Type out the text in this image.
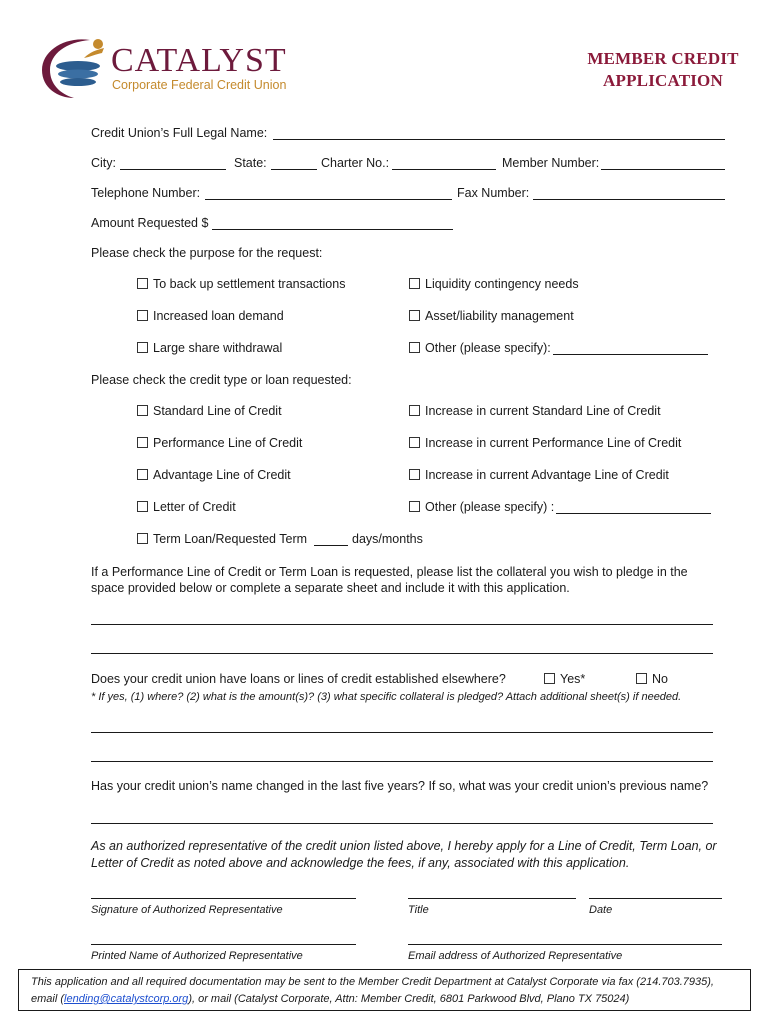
CATALYST
Corporate Federal Credit Union
MEMBER CREDIT
APPLICATION
Credit Union’s Full Legal Name:
City:	State:	Charter No.:	Member Number:
Telephone Number:	Fax Number:
Amount Requested $
Please check the purpose for the request:
To back up settlement transactions	Liquidity contingency needs
Increased loan demand	Asset/liability management
Large share withdrawal	Other (please specify):
Please check the credit type or loan requested:
Standard Line of Credit	Increase in current Standard Line of Credit
Performance Line of Credit	Increase in current Performance Line of Credit
Advantage Line of Credit	Increase in current Advantage Line of Credit
Letter of Credit	Other (please specify) :
Term Loan/Requested Term	days/months
If a Performance Line of Credit or Term Loan is requested, please list the collateral you wish to pledge in the
space provided below or complete a separate sheet and include it with this application.
Does your credit union have loans or lines of credit established elsewhere?	Yes*	No
* If yes, (1) where? (2) what is the amount(s)? (3) what specific collateral is pledged? Attach additional sheet(s) if needed.
Has your credit union’s name changed in the last five years? If so, what was your credit union’s previous name?
As an authorized representative of the credit union listed above, I hereby apply for a Line of Credit, Term Loan, or
Letter of Credit as noted above and acknowledge the fees, if any, associated with this application.
Signature of Authorized Representative	Title	Date
Printed Name of Authorized Representative	Email address of Authorized Representative
This application and all required documentation may be sent to the Member Credit Department at Catalyst Corporate via fax (214.703.7935),
email (lending@catalystcorp.org), or mail (Catalyst Corporate, Attn: Member Credit, 6801 Parkwood Blvd, Plano TX 75024)
